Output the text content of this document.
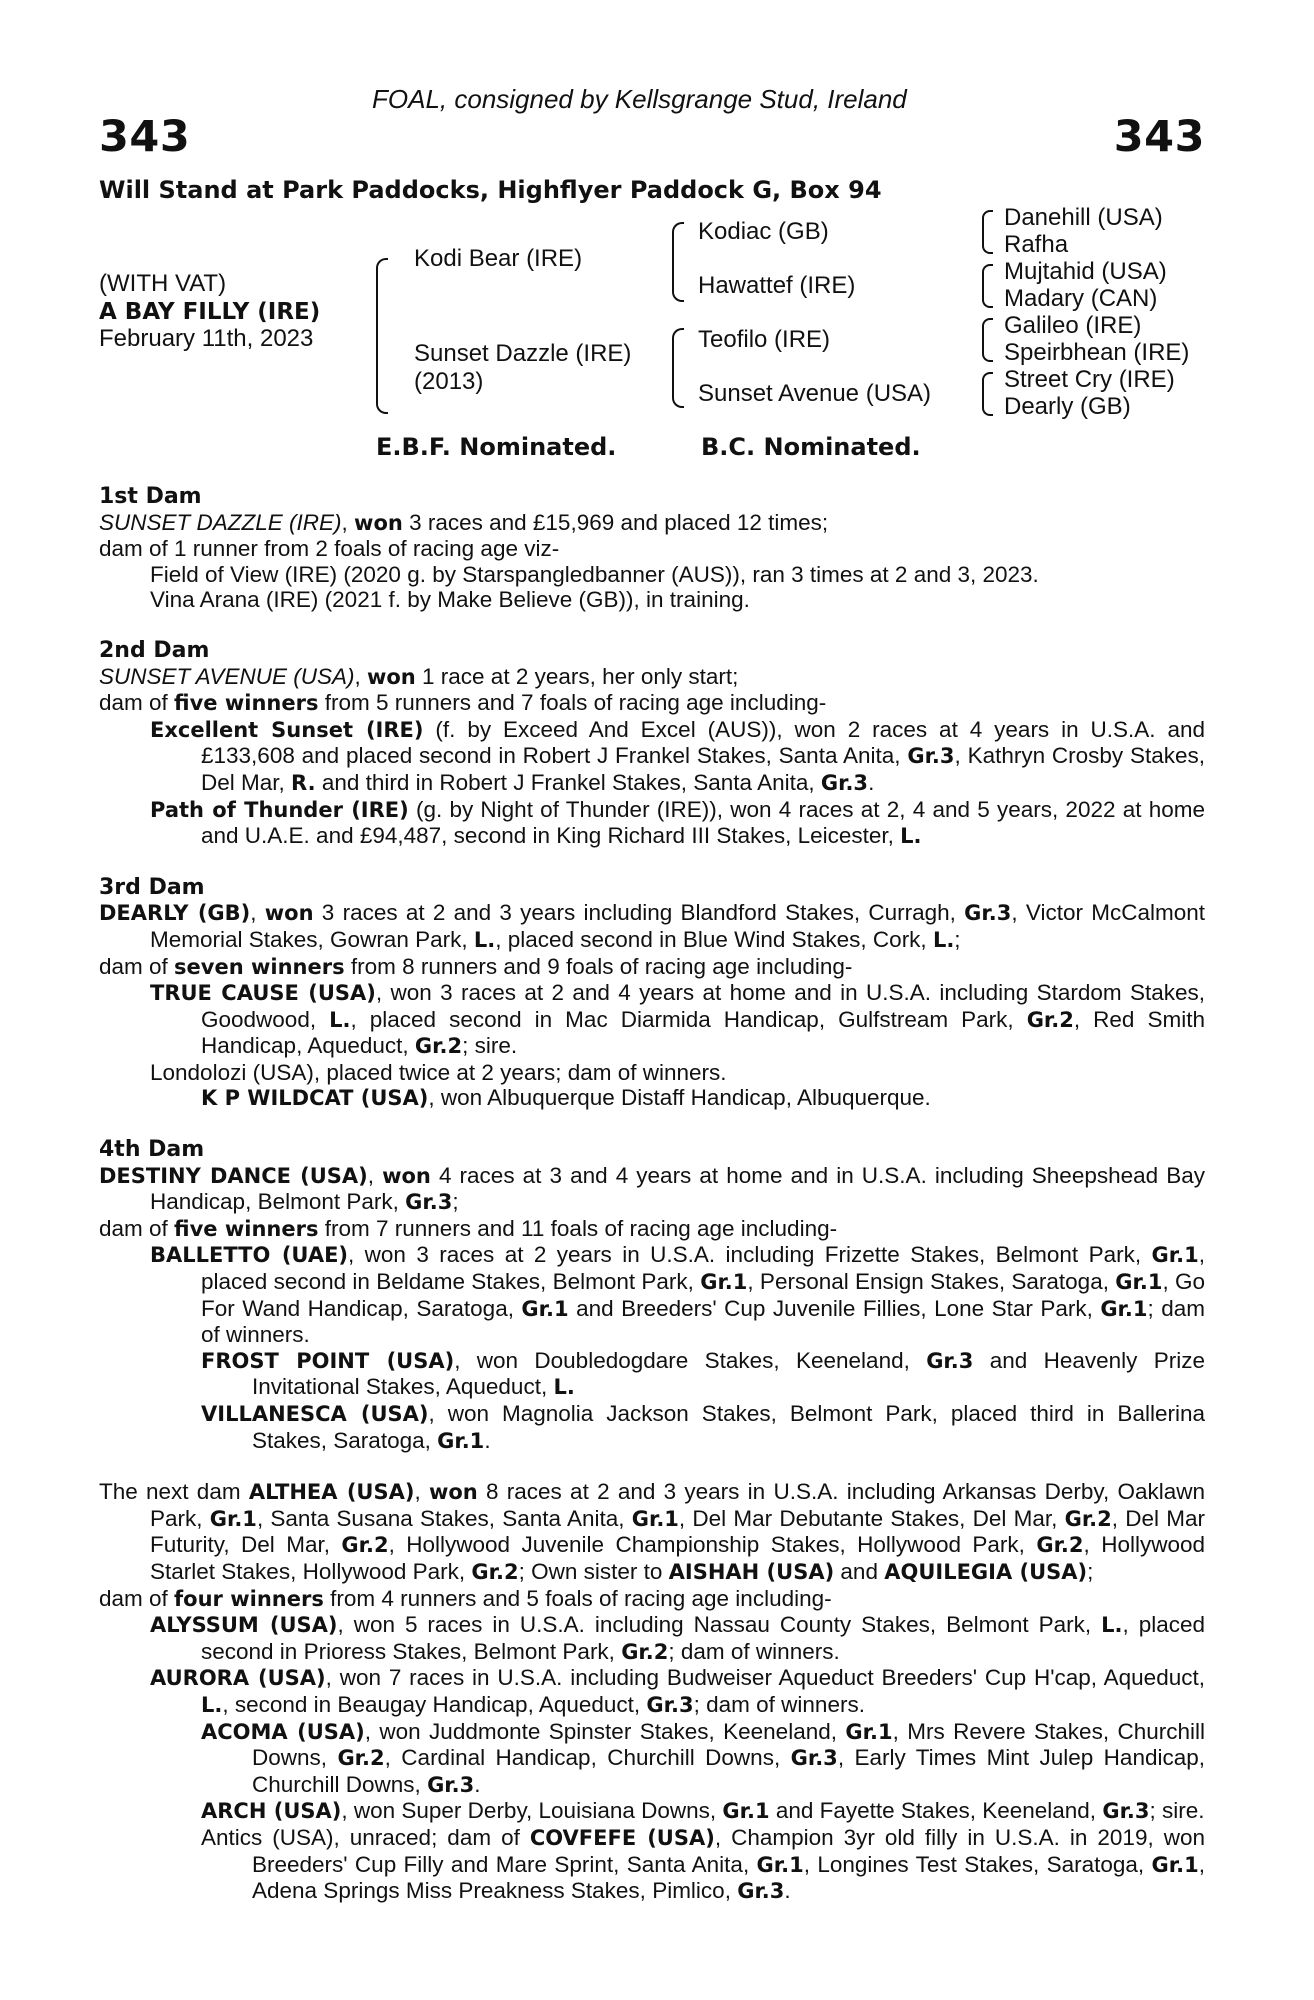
FOAL, consigned by Kellsgrange Stud, Ireland
343	343
Will Stand at Park Paddocks, Highflyer Paddock G, Box 94
(WITH VAT)
A BAY FILLY (IRE)
February 11th, 2023
Kodi Bear (IRE)
Sunset Dazzle (IRE)
(2013)
Kodiac (GB)
Hawattef (IRE)
Teofilo (IRE)
Sunset Avenue (USA)
Danehill (USA)
Rafha
Mujtahid (USA)
Madary (CAN)
Galileo (IRE)
Speirbhean (IRE)
Street Cry (IRE)
Dearly (GB)
E.B.F. Nominated.	B.C. Nominated.

1st Dam

SUNSET DAZZLE (IRE), won 3 races and £15,969 and placed 12 times;

dam of 1 runner from 2 foals of racing age viz-

Field of View (IRE) (2020 g. by Starspangledbanner (AUS)), ran 3 times at 2 and 3, 2023.

Vina Arana (IRE) (2021 f. by Make Believe (GB)), in training.

2nd Dam

SUNSET AVENUE (USA), won 1 race at 2 years, her only start;

dam of five winners from 5 runners and 7 foals of racing age including-

Excellent Sunset (IRE) (f. by Exceed And Excel (AUS)), won 2 races at 4 years in U.S.A. and £133,608 and placed second in Robert J Frankel Stakes, Santa Anita, Gr.3, Kathryn Crosby Stakes, Del Mar, R. and third in Robert J Frankel Stakes, Santa Anita, Gr.3.

Path of Thunder (IRE) (g. by Night of Thunder (IRE)), won 4 races at 2, 4 and 5 years, 2022 at home and U.A.E. and £94,487, second in King Richard III Stakes, Leicester, L.

3rd Dam

DEARLY (GB), won 3 races at 2 and 3 years including Blandford Stakes, Curragh, Gr.3, Victor McCalmont Memorial Stakes, Gowran Park, L., placed second in Blue Wind Stakes, Cork, L.;

dam of seven winners from 8 runners and 9 foals of racing age including-

TRUE CAUSE (USA), won 3 races at 2 and 4 years at home and in U.S.A. including Stardom Stakes, Goodwood, L., placed second in Mac Diarmida Handicap, Gulfstream Park, Gr.2, Red Smith Handicap, Aqueduct, Gr.2; sire.

Londolozi (USA), placed twice at 2 years; dam of winners.

K P WILDCAT (USA), won Albuquerque Distaff Handicap, Albuquerque.

4th Dam

DESTINY DANCE (USA), won 4 races at 3 and 4 years at home and in U.S.A. including Sheepshead Bay Handicap, Belmont Park, Gr.3;

dam of five winners from 7 runners and 11 foals of racing age including-

BALLETTO (UAE), won 3 races at 2 years in U.S.A. including Frizette Stakes, Belmont Park, Gr.1, placed second in Beldame Stakes, Belmont Park, Gr.1, Personal Ensign Stakes, Saratoga, Gr.1, Go For Wand Handicap, Saratoga, Gr.1 and Breeders' Cup Juvenile Fillies, Lone Star Park, Gr.1; dam of winners.

FROST POINT (USA), won Doubledogdare Stakes, Keeneland, Gr.3 and Heavenly Prize Invitational Stakes, Aqueduct, L.

VILLANESCA (USA), won Magnolia Jackson Stakes, Belmont Park, placed third in Ballerina Stakes, Saratoga, Gr.1.

The next dam ALTHEA (USA), won 8 races at 2 and 3 years in U.S.A. including Arkansas Derby, Oaklawn Park, Gr.1, Santa Susana Stakes, Santa Anita, Gr.1, Del Mar Debutante Stakes, Del Mar, Gr.2, Del Mar Futurity, Del Mar, Gr.2, Hollywood Juvenile Championship Stakes, Hollywood Park, Gr.2, Hollywood Starlet Stakes, Hollywood Park, Gr.2; Own sister to AISHAH (USA) and AQUILEGIA (USA);

dam of four winners from 4 runners and 5 foals of racing age including-

ALYSSUM (USA), won 5 races in U.S.A. including Nassau County Stakes, Belmont Park, L., placed second in Prioress Stakes, Belmont Park, Gr.2; dam of winners.

AURORA (USA), won 7 races in U.S.A. including Budweiser Aqueduct Breeders' Cup H'cap, Aqueduct, L., second in Beaugay Handicap, Aqueduct, Gr.3; dam of winners.

ACOMA (USA), won Juddmonte Spinster Stakes, Keeneland, Gr.1, Mrs Revere Stakes, Churchill Downs, Gr.2, Cardinal Handicap, Churchill Downs, Gr.3, Early Times Mint Julep Handicap, Churchill Downs, Gr.3.

ARCH (USA), won Super Derby, Louisiana Downs, Gr.1 and Fayette Stakes, Keeneland, Gr.3; sire.

Antics (USA), unraced; dam of COVFEFE (USA), Champion 3yr old filly in U.S.A. in 2019, won Breeders' Cup Filly and Mare Sprint, Santa Anita, Gr.1, Longines Test Stakes, Saratoga, Gr.1, Adena Springs Miss Preakness Stakes, Pimlico, Gr.3.
